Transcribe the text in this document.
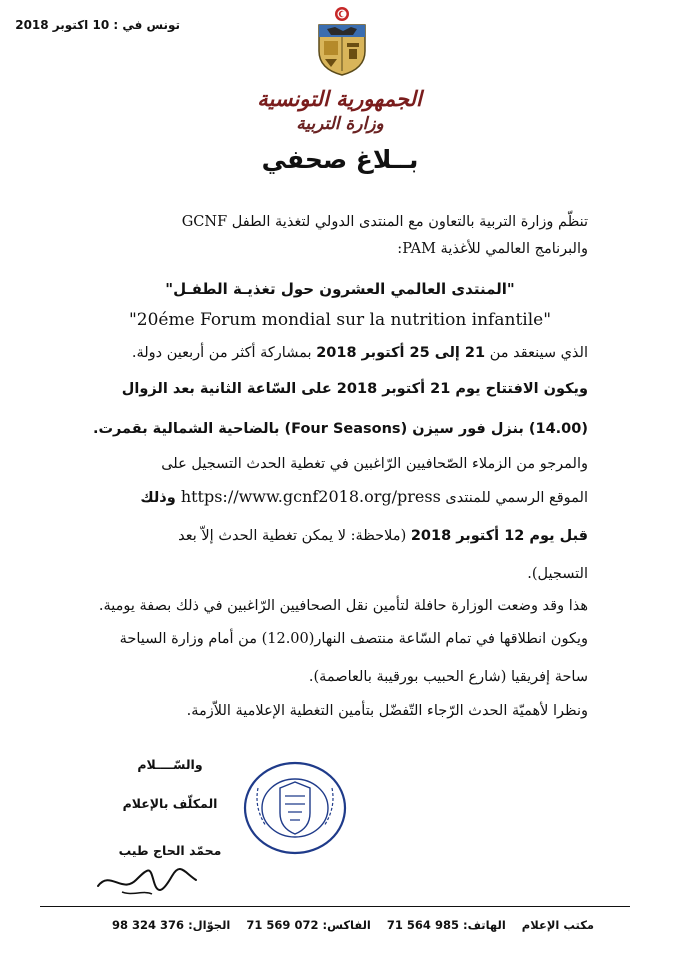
تونس في : 10 اكتوبر 2018
الجمهورية التونسية
وزارة التربية
بــلاغ صحفي
تنظّم وزارة التربية بالتعاون مع المنتدى الدولي لتغذية الطفل GCNF
والبرنامج العالمي للأغذية PAM:
"المنتدى العالمي العشرون حول تغذيـة الطفـل"
"20éme Forum mondial sur la nutrition infantile"
الذي سينعقد من 21 إلى 25 أكتوبر 2018 بمشاركة أكثر من أربعين دولة.
ويكون الافتتاح يوم 21 أكتوبر 2018 على السّاعة الثانية بعد الزوال
(14.00) بنزل فور سيزن (Four Seasons) بالضاحية الشمالية بقمرت.
والمرجو من الزملاء الصّحافيين الرّاغبين في تغطية الحدث التسجيل على
الموقع الرسمي للمنتدى https://www.gcnf2018.org/press وذلك
قبل يوم 12 أكتوبر 2018 (ملاحظة: لا يمكن تغطية الحدث إلاّ بعد
التسجيل).
هذا وقد وضعت الوزارة حافلة لتأمين نقل الصحافيين الرّاغبين في ذلك بصفة يومية.
ويكون انطلاقها في تمام السّاعة منتصف النهار(12.00) من أمام وزارة السياحة
ساحة إفريقيا (شارع الحبيب بورقيبة بالعاصمة).
ونظرا لأهميّة الحدث الرّجاء التّفضّل بتأمين التغطية الإعلامية اللاّزمة.
والسّــــلام
المكلّف بالإعلام
محمّد الحاج طيب
مكتب الإعلام    الهاتف: 985 564 71    الفاكس: 072 569 71    الجوّال: 376 324 98
